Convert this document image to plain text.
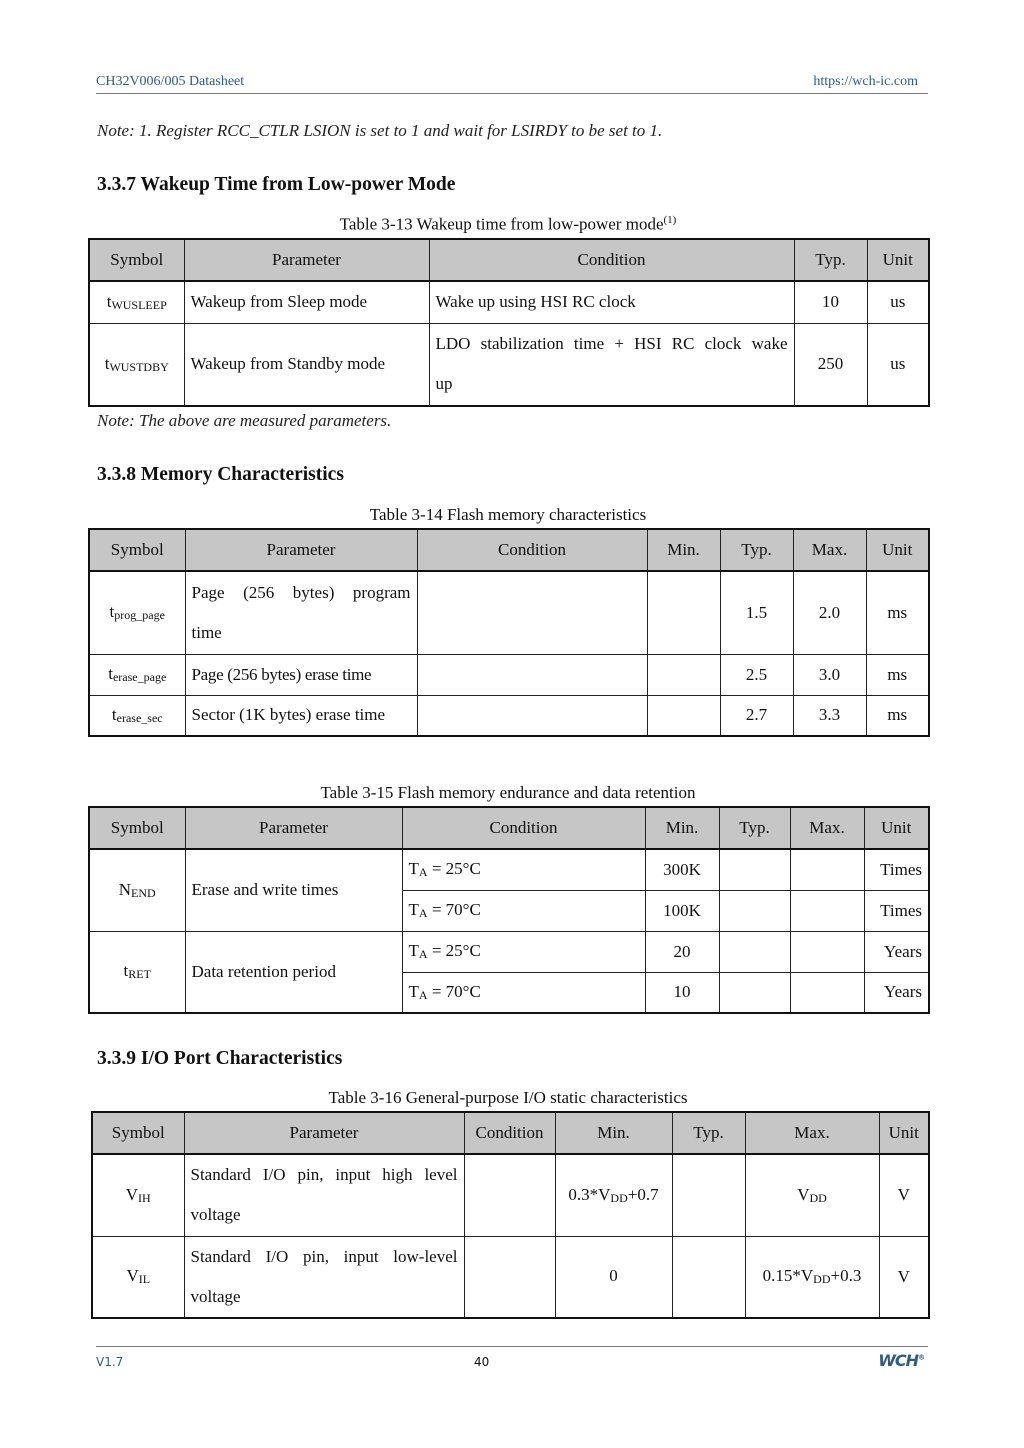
CH32V006/005 Datasheet	https://wch-ic.com
Note: 1. Register RCC_CTLR LSION is set to 1 and wait for LSIRDY to be set to 1.
3.3.7 Wakeup Time from Low-power Mode
Table 3-13 Wakeup time from low-power mode$^{(1)}$
Symbol	Parameter	Condition	Typ.	Unit
$t_{WUSLEEP}$	Wakeup from Sleep mode	Wake up using HSI RC clock	10	us
$t_{WUSTDBY}$	Wakeup from Standby mode	LDO stabilization time + HSI RC clock wake
up	250	us
Note: The above are measured parameters.
3.3.8 Memory Characteristics
Table 3-14 Flash memory characteristics
Symbol	Parameter	Condition	Min.	Typ.	Max.	Unit
$t_{prog\_page}$	Page (256 bytes) program
time			1.5	2.0	ms
$t_{erase\_page}$	Page (256 bytes) erase time			2.5	3.0	ms
$t_{erase\_sec}$	Sector (1K bytes) erase time			2.7	3.3	ms
Table 3-15 Flash memory endurance and data retention
Symbol	Parameter	Condition	Min.	Typ.	Max.	Unit
$N_{END}$	Erase and write times	$T_A = 25^\circ C$	300K			Times
		$T_A = 70^\circ C$	100K			Times
$t_{RET}$	Data retention period	$T_A = 25^\circ C$	20			Years
		$T_A = 70^\circ C$	10			Years
3.3.9 I/O Port Characteristics
Table 3-16 General-purpose I/O static characteristics
Symbol	Parameter	Condition	Min.	Typ.	Max.	Unit
$V_{IH}$	Standard I/O pin, input high level
voltage		$0.3*V_{DD}+0.7$		$V_{DD}$	V
$V_{IL}$	Standard I/O pin, input low-level
voltage		0		$0.15*V_{DD}+0.3$	V
V1.7	40	WCH®
